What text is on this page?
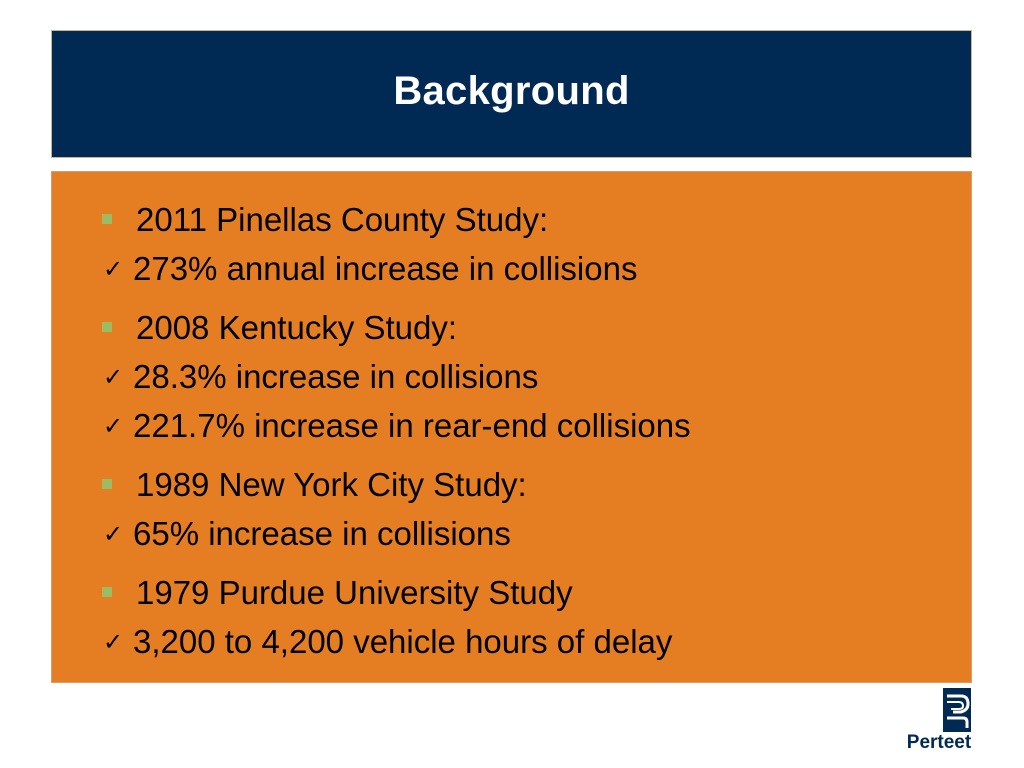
Background
2011 Pinellas County Study:
✓ 273% annual increase in collisions
2008 Kentucky Study:
✓ 28.3% increase in collisions
✓ 221.7% increase in rear-end collisions
1989 New York City Study:
✓ 65% increase in collisions
1979 Purdue University Study
✓ 3,200 to 4,200 vehicle hours of delay
Perteet
